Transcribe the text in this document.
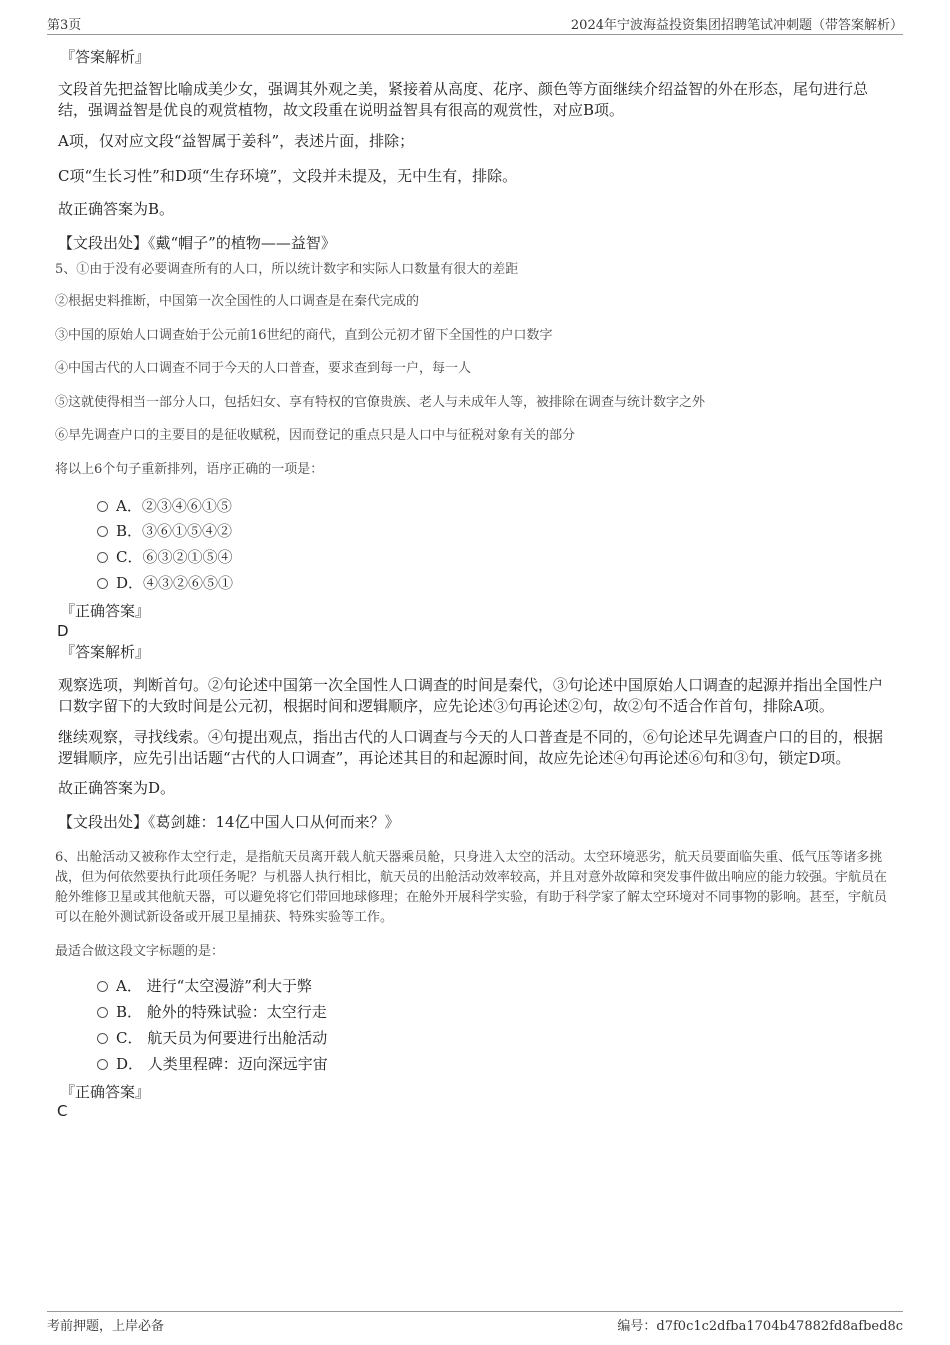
第3页	2024年宁波海益投资集团招聘笔试冲刺题（带答案解析）
『答案解析』
文段首先把益智比喻成美少女，强调其外观之美，紧接着从高度、花序、颜色等方面继续介绍益智的外在形态，尾句进行总结，强调益智是优良的观赏植物，故文段重在说明益智具有很高的观赏性，对应B项。
A项，仅对应文段“益智属于姜科”，表述片面，排除；
C项“生长习性”和D项“生存环境”，文段并未提及，无中生有，排除。
故正确答案为B。
【文段出处】《戴“帽子”的植物——益智》
5、①由于没有必要调查所有的人口，所以统计数字和实际人口数量有很大的差距
②根据史料推断，中国第一次全国性的人口调查是在秦代完成的
③中国的原始人口调查始于公元前16世纪的商代，直到公元初才留下全国性的户口数字
④中国古代的人口调查不同于今天的人口普查，要求查到每一户，每一人
⑤这就使得相当一部分人口，包括妇女、享有特权的官僚贵族、老人与未成年人等，被排除在调查与统计数字之外
⑥早先调查户口的主要目的是征收赋税，因而登记的重点只是人口中与征税对象有关的部分
将以上6个句子重新排列，语序正确的一项是：
A．②③④⑥①⑤
B．③⑥①⑤④②
C．⑥③②①⑤④
D．④③②⑥⑤①
『正确答案』
D
『答案解析』
观察选项，判断首句。②句论述中国第一次全国性人口调查的时间是秦代，③句论述中国原始人口调查的起源并指出全国性户口数字留下的大致时间是公元初，根据时间和逻辑顺序，应先论述③句再论述②句，故②句不适合作首句，排除A项。
继续观察，寻找线索。④句提出观点，指出古代的人口调查与今天的人口普查是不同的，⑥句论述早先调查户口的目的，根据逻辑顺序，应先引出话题“古代的人口调查”，再论述其目的和起源时间，故应先论述④句再论述⑥句和③句，锁定D项。
故正确答案为D。
【文段出处】《葛剑雄：14亿中国人口从何而来？》
6、出舱活动又被称作太空行走，是指航天员离开载人航天器乘员舱，只身进入太空的活动。太空环境恶劣，航天员要面临失重、低气压等诸多挑战，但为何依然要执行此项任务呢？与机器人执行相比，航天员的出舱活动效率较高，并且对意外故障和突发事件做出响应的能力较强。宇航员在舱外维修卫星或其他航天器，可以避免将它们带回地球修理；在舱外开展科学实验，有助于科学家了解太空环境对不同事物的影响。甚至，宇航员可以在舱外测试新设备或开展卫星捕获、特殊实验等工作。
最适合做这段文字标题的是：
A． 进行“太空漫游”利大于弊
B． 舱外的特殊试验：太空行走
C． 航天员为何要进行出舱活动
D． 人类里程碑：迈向深远宇宙
『正确答案』
C
考前押题，上岸必备	编号：d7f0c1c2dfba1704b47882fd8afbed8c
